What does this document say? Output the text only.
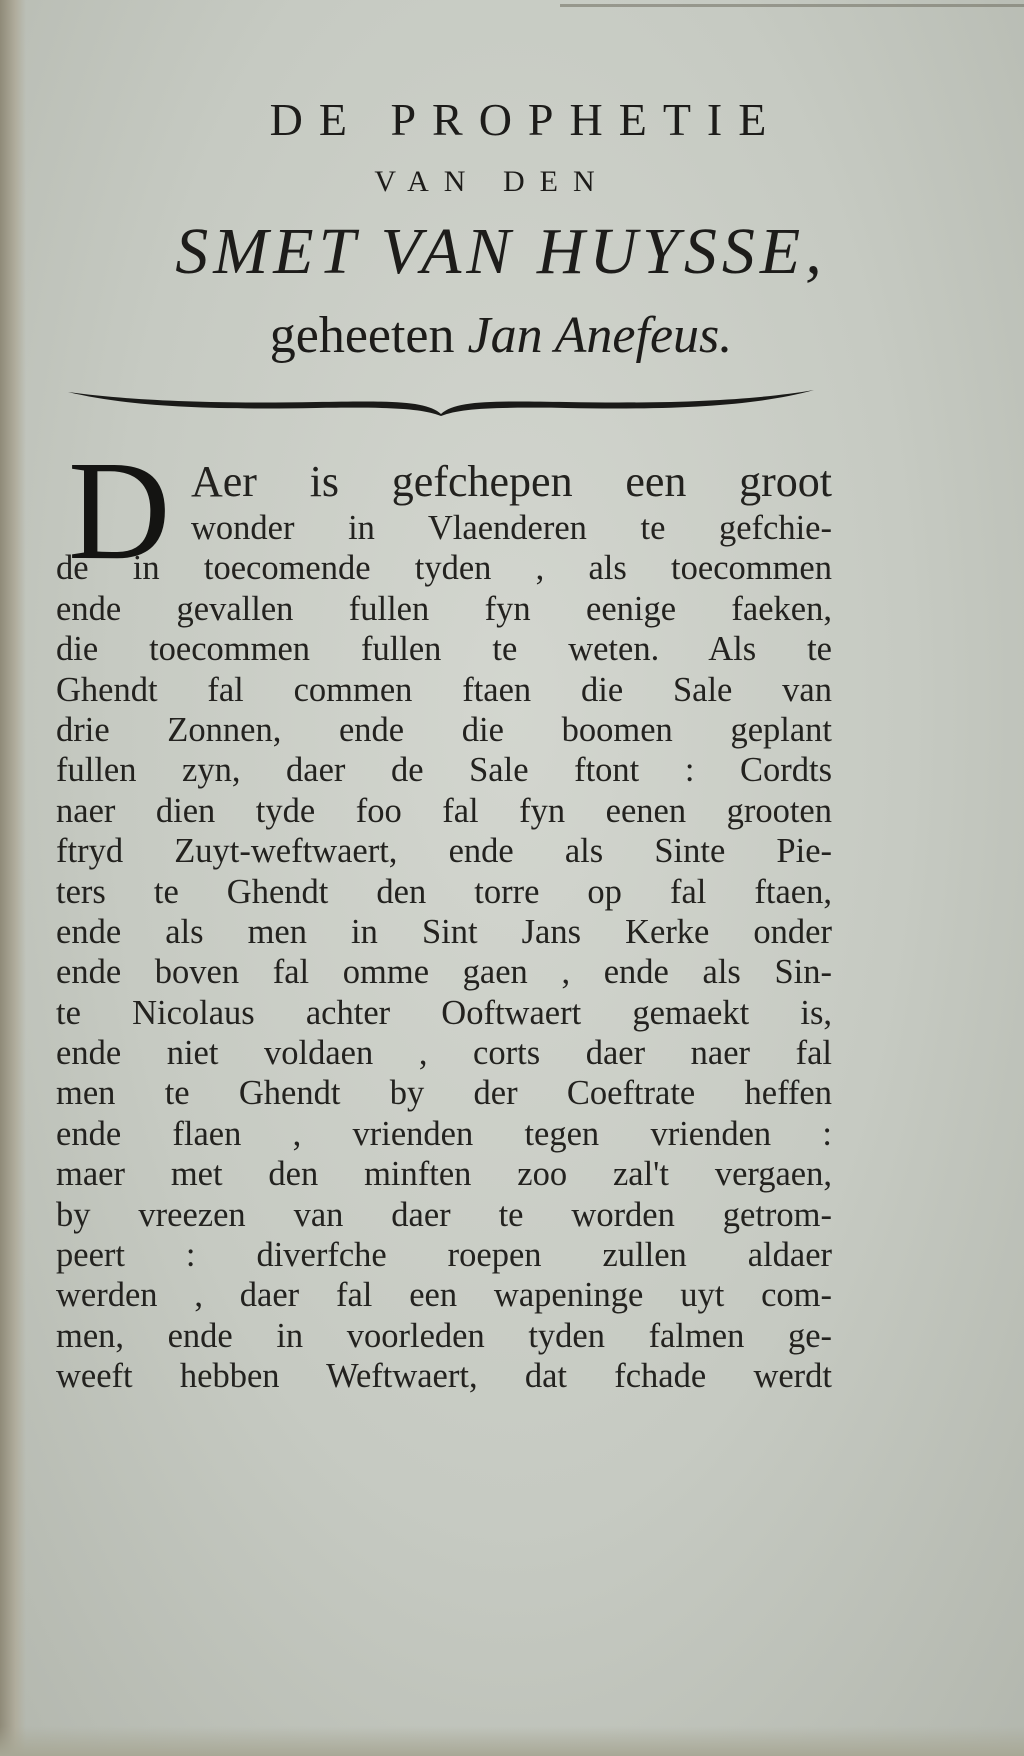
DE PROPHETIE
VAN DEN
SMET VAN HUYSSE,
geheeten Jan Anefeus.
D Aer is gefchepen een groot
wonder in Vlaenderen te gefchie-
de in toecomende tyden , als toecommen
ende gevallen fullen fyn eenige faeken,
die toecommen fullen te weten. Als te
Ghendt fal commen ftaen die Sale van
drie Zonnen, ende die boomen geplant
fullen zyn, daer de Sale ftont : Cordts
naer dien tyde foo fal fyn eenen grooten
ftryd Zuyt-weftwaert, ende als Sinte Pie-
ters te Ghendt den torre op fal ftaen,
ende als men in Sint Jans Kerke onder
ende boven fal omme gaen , ende als Sin-
te Nicolaus achter Ooftwaert gemaekt is,
ende niet voldaen , corts daer naer fal
men te Ghendt by der Coeftrate heffen
ende flaen , vrienden tegen vrienden :
maer met den minften zoo zal't vergaen,
by vreezen van daer te worden getrom-
peert : diverfche roepen zullen aldaer
werden , daer fal een wapeninge uyt com-
men, ende in voorleden tyden falmen ge-
weeft hebben Weftwaert, dat fchade werdt
